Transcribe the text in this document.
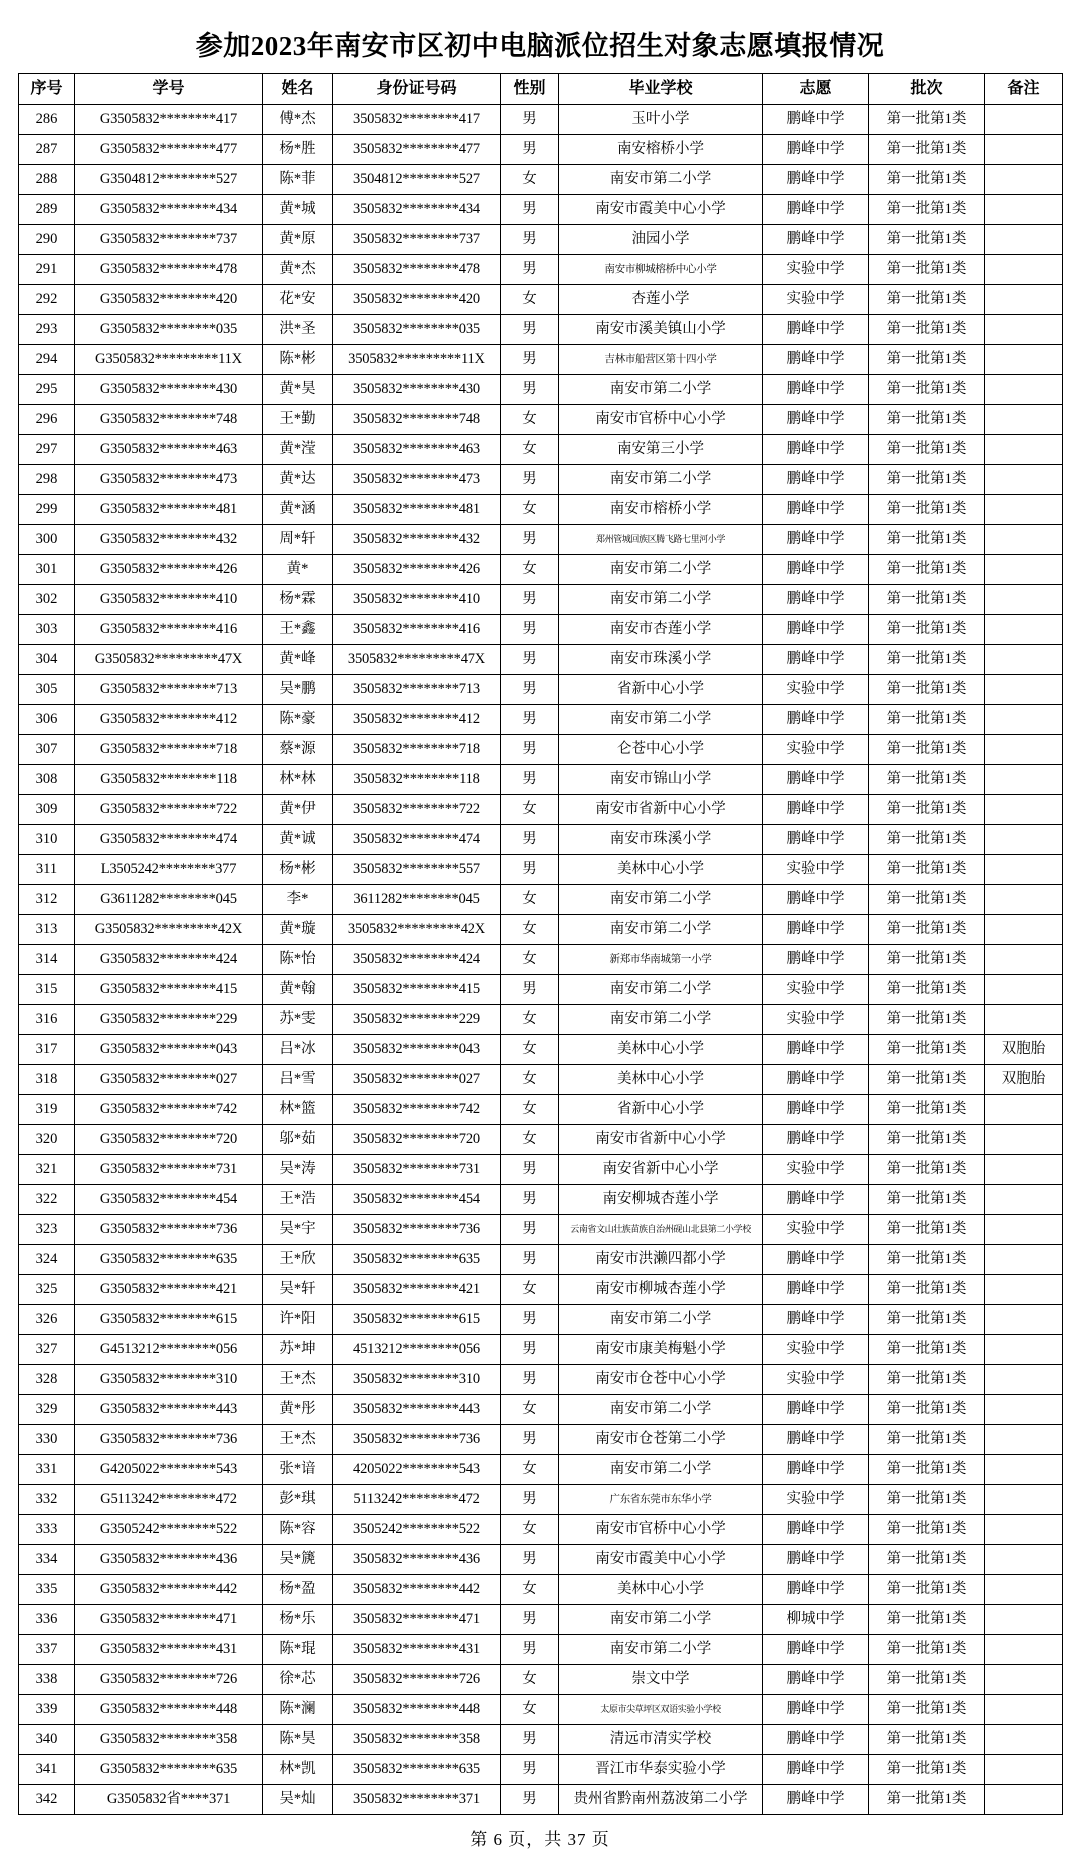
参加2023年南安市区初中电脑派位招生对象志愿填报情况
序号	学号	姓名	身份证号码	性别	毕业学校	志愿	批次	备注
286	G3505832********417	傅*杰	3505832********417	男	玉叶小学	鹏峰中学	第一批第1类	
287	G3505832********477	杨*胜	3505832********477	男	南安榕桥小学	鹏峰中学	第一批第1类	
288	G3504812********527	陈*菲	3504812********527	女	南安市第二小学	鹏峰中学	第一批第1类	
289	G3505832********434	黄*城	3505832********434	男	南安市霞美中心小学	鹏峰中学	第一批第1类	
290	G3505832********737	黄*原	3505832********737	男	油园小学	鹏峰中学	第一批第1类	
291	G3505832********478	黄*杰	3505832********478	男	南安市柳城榕桥中心小学	实验中学	第一批第1类	
292	G3505832********420	花*安	3505832********420	女	杏莲小学	实验中学	第一批第1类	
293	G3505832********035	洪*圣	3505832********035	男	南安市溪美镇山小学	鹏峰中学	第一批第1类	
294	G3505832*********11X	陈*彬	3505832*********11X	男	吉林市船营区第十四小学	鹏峰中学	第一批第1类	
295	G3505832********430	黄*昊	3505832********430	男	南安市第二小学	鹏峰中学	第一批第1类	
296	G3505832********748	王*勤	3505832********748	女	南安市官桥中心小学	鹏峰中学	第一批第1类	
297	G3505832********463	黄*滢	3505832********463	女	南安第三小学	鹏峰中学	第一批第1类	
298	G3505832********473	黄*达	3505832********473	男	南安市第二小学	鹏峰中学	第一批第1类	
299	G3505832********481	黄*涵	3505832********481	女	南安市榕桥小学	鹏峰中学	第一批第1类	
300	G3505832********432	周*轩	3505832********432	男	郑州管城回族区腾飞路七里河小学	鹏峰中学	第一批第1类	
301	G3505832********426	黄*	3505832********426	女	南安市第二小学	鹏峰中学	第一批第1类	
302	G3505832********410	杨*霖	3505832********410	男	南安市第二小学	鹏峰中学	第一批第1类	
303	G3505832********416	王*鑫	3505832********416	男	南安市杏莲小学	鹏峰中学	第一批第1类	
304	G3505832*********47X	黄*峰	3505832*********47X	男	南安市珠溪小学	鹏峰中学	第一批第1类	
305	G3505832********713	吴*鹏	3505832********713	男	省新中心小学	实验中学	第一批第1类	
306	G3505832********412	陈*豪	3505832********412	男	南安市第二小学	鹏峰中学	第一批第1类	
307	G3505832********718	蔡*源	3505832********718	男	仑苍中心小学	实验中学	第一批第1类	
308	G3505832********118	林*林	3505832********118	男	南安市锦山小学	鹏峰中学	第一批第1类	
309	G3505832********722	黄*伊	3505832********722	女	南安市省新中心小学	鹏峰中学	第一批第1类	
310	G3505832********474	黄*诚	3505832********474	男	南安市珠溪小学	鹏峰中学	第一批第1类	
311	L3505242********377	杨*彬	3505832********557	男	美林中心小学	实验中学	第一批第1类	
312	G3611282********045	李*	3611282********045	女	南安市第二小学	鹏峰中学	第一批第1类	
313	G3505832*********42X	黄*璇	3505832*********42X	女	南安市第二小学	鹏峰中学	第一批第1类	
314	G3505832********424	陈*怡	3505832********424	女	新郑市华南城第一小学	鹏峰中学	第一批第1类	
315	G3505832********415	黄*翰	3505832********415	男	南安市第二小学	实验中学	第一批第1类	
316	G3505832********229	苏*雯	3505832********229	女	南安市第二小学	实验中学	第一批第1类	
317	G3505832********043	吕*冰	3505832********043	女	美林中心小学	鹏峰中学	第一批第1类	双胞胎
318	G3505832********027	吕*雪	3505832********027	女	美林中心小学	鹏峰中学	第一批第1类	双胞胎
319	G3505832********742	林*篮	3505832********742	女	省新中心小学	鹏峰中学	第一批第1类	
320	G3505832********720	邬*茹	3505832********720	女	南安市省新中心小学	鹏峰中学	第一批第1类	
321	G3505832********731	吴*涛	3505832********731	男	南安省新中心小学	实验中学	第一批第1类	
322	G3505832********454	王*浩	3505832********454	男	南安柳城杏莲小学	鹏峰中学	第一批第1类	
323	G3505832********736	吴*宇	3505832********736	男	云南省文山壮族苗族自治州砚山北县第二小学校	实验中学	第一批第1类	
324	G3505832********635	王*欣	3505832********635	男	南安市洪濑四都小学	鹏峰中学	第一批第1类	
325	G3505832********421	吴*轩	3505832********421	女	南安市柳城杏莲小学	鹏峰中学	第一批第1类	
326	G3505832********615	许*阳	3505832********615	男	南安市第二小学	鹏峰中学	第一批第1类	
327	G4513212********056	苏*坤	4513212********056	男	南安市康美梅魁小学	实验中学	第一批第1类	
328	G3505832********310	王*杰	3505832********310	男	南安市仓苍中心小学	实验中学	第一批第1类	
329	G3505832********443	黄*彤	3505832********443	女	南安市第二小学	鹏峰中学	第一批第1类	
330	G3505832********736	王*杰	3505832********736	男	南安市仓苍第二小学	鹏峰中学	第一批第1类	
331	G4205022********543	张*谙	4205022********543	女	南安市第二小学	鹏峰中学	第一批第1类	
332	G5113242********472	彭*琪	5113242********472	男	广东省东莞市东华小学	实验中学	第一批第1类	
333	G3505242********522	陈*容	3505242********522	女	南安市官桥中心小学	鹏峰中学	第一批第1类	
334	G3505832********436	吴*篪	3505832********436	男	南安市霞美中心小学	鹏峰中学	第一批第1类	
335	G3505832********442	杨*盈	3505832********442	女	美林中心小学	鹏峰中学	第一批第1类	
336	G3505832********471	杨*乐	3505832********471	男	南安市第二小学	柳城中学	第一批第1类	
337	G3505832********431	陈*琨	3505832********431	男	南安市第二小学	鹏峰中学	第一批第1类	
338	G3505832********726	徐*芯	3505832********726	女	崇文中学	鹏峰中学	第一批第1类	
339	G3505832********448	陈*澜	3505832********448	女	太原市尖草坪区双语实验小学校	鹏峰中学	第一批第1类	
340	G3505832********358	陈*昊	3505832********358	男	清远市清实学校	鹏峰中学	第一批第1类	
341	G3505832********635	林*凯	3505832********635	男	晋江市华泰实验小学	鹏峰中学	第一批第1类	
342	G3505832省****371	吴*灿	3505832********371	男	贵州省黔南州荔波第二小学	鹏峰中学	第一批第1类	
第 6 页，共 37 页
